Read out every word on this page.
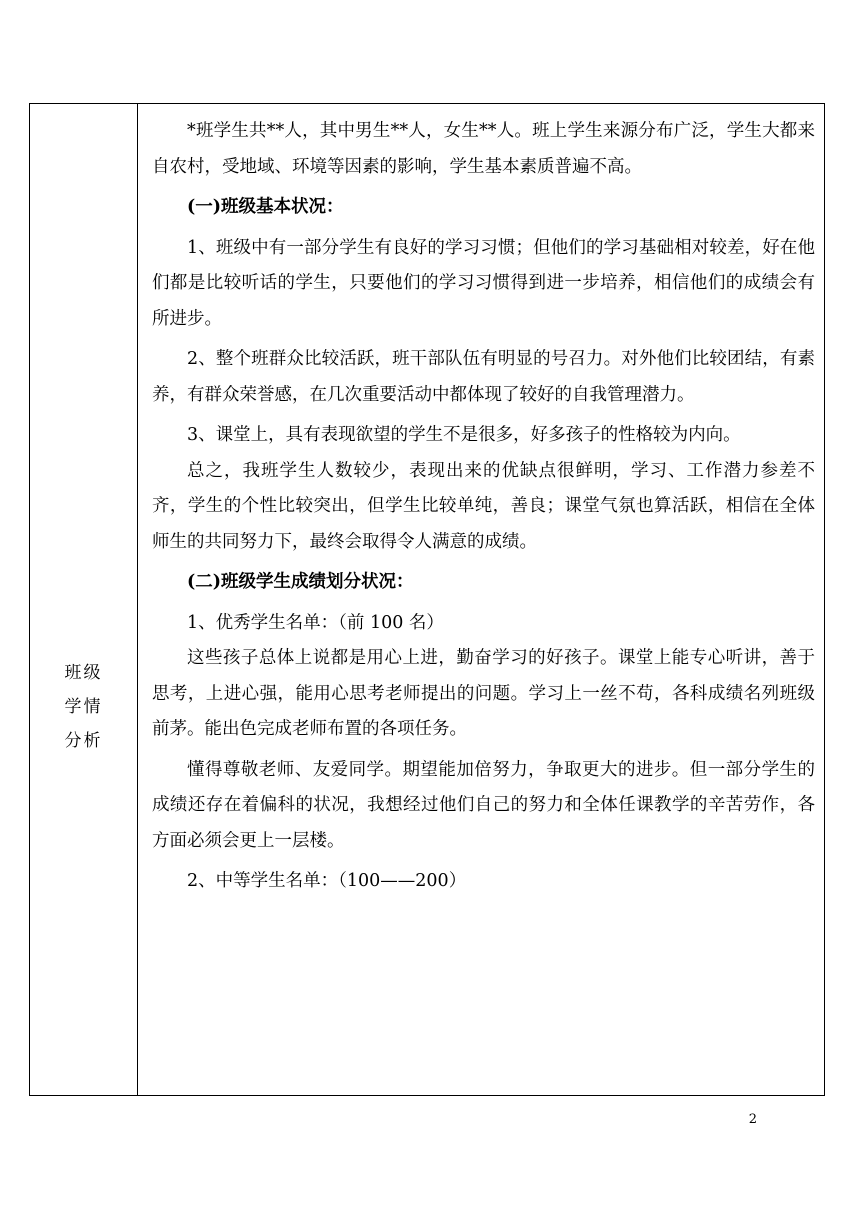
班级
学情
分析

*班学生共**人，其中男生**人，女生**人。班上学生来源分布广泛，学生大都来自农村，受地域、环境等因素的影响，学生基本素质普遍不高。

(一)班级基本状况：

1、班级中有一部分学生有良好的学习习惯；但他们的学习基础相对较差，好在他们都是比较听话的学生，只要他们的学习习惯得到进一步培养，相信他们的成绩会有所进步。

2、整个班群众比较活跃，班干部队伍有明显的号召力。对外他们比较团结，有素养，有群众荣誉感，在几次重要活动中都体现了较好的自我管理潜力。

3、课堂上，具有表现欲望的学生不是很多，好多孩子的性格较为内向。

总之，我班学生人数较少，表现出来的优缺点很鲜明，学习、工作潜力参差不齐，学生的个性比较突出，但学生比较单纯，善良；课堂气氛也算活跃，相信在全体师生的共同努力下，最终会取得令人满意的成绩。

(二)班级学生成绩划分状况：

1、优秀学生名单：（前 100 名）

这些孩子总体上说都是用心上进，勤奋学习的好孩子。课堂上能专心听讲，善于思考，上进心强，能用心思考老师提出的问题。学习上一丝不苟，各科成绩名列班级前茅。能出色完成老师布置的各项任务。

懂得尊敬老师、友爱同学。期望能加倍努力，争取更大的进步。但一部分学生的成绩还存在着偏科的状况，我想经过他们自己的努力和全体任课教学的辛苦劳作，各方面必须会更上一层楼。

2、中等学生名单：（100——200）

2
